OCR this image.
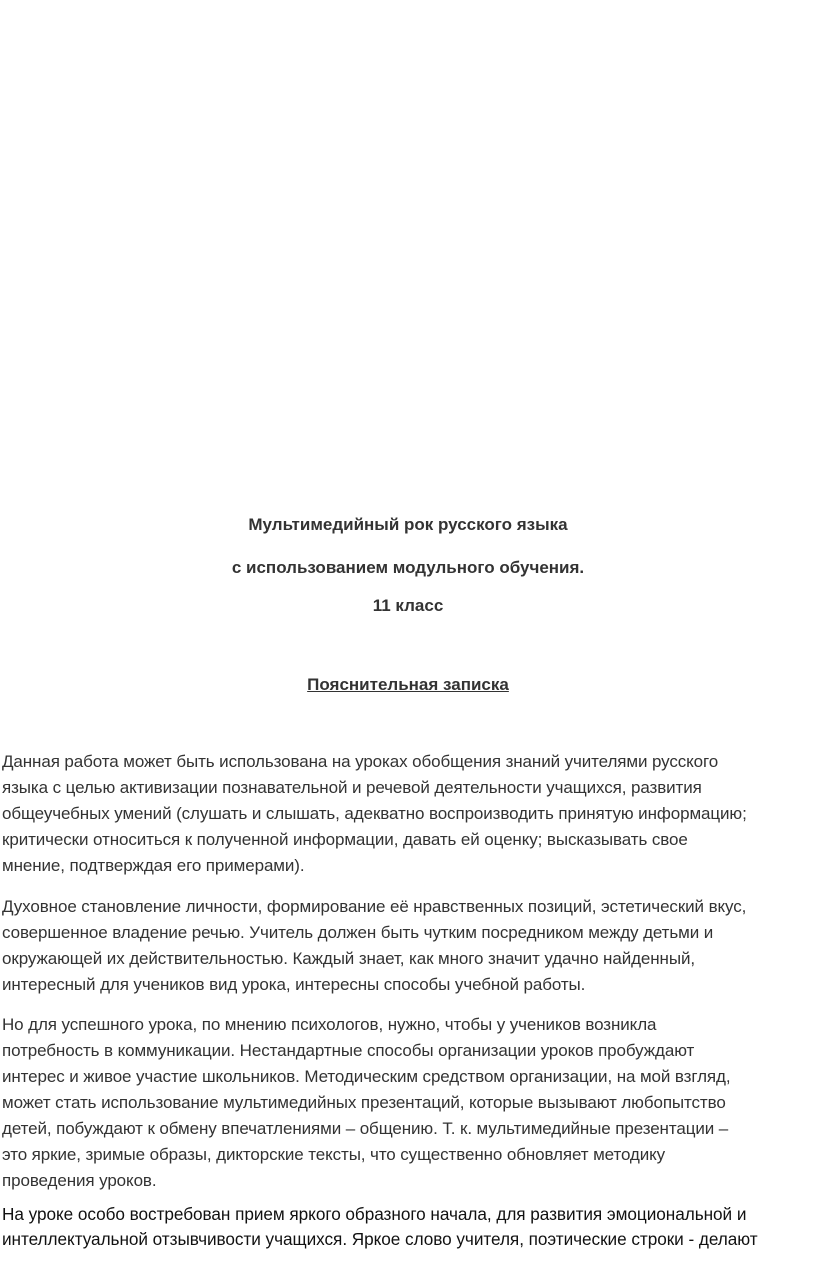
Мультимедийный рок русского языка
с использованием модульного обучения.
11 класс
Пояснительная записка

Данная работа может быть использована на уроках обобщения знаний учителями русского
языка с целью активизации познавательной и речевой деятельности учащихся, развития
общеучебных умений (слушать и слышать, адекватно воспроизводить принятую информацию;
критически относиться к полученной информации, давать ей оценку; высказывать свое
мнение, подтверждая его примерами).

Духовное становление личности, формирование её нравственных позиций, эстетический вкус,
совершенное владение речью. Учитель должен быть чутким посредником между детьми и
окружающей их действительностью. Каждый знает, как много значит удачно найденный,
интересный для учеников вид урока, интересны способы учебной работы.

Но для успешного урока, по мнению психологов, нужно, чтобы у учеников возникла
потребность в коммуникации. Нестандартные способы организации уроков пробуждают
интерес и живое участие школьников. Методическим средством организации, на мой взгляд,
может стать использование мультимедийных презентаций, которые вызывают любопытство
детей, побуждают к обмену впечатлениями – общению. Т. к. мультимедийные презентации –
это яркие, зримые образы, дикторские тексты, что существенно обновляет методику
проведения уроков.

На уроке особо востребован прием яркого образного начала, для развития эмоциональной и
интеллектуальной отзывчивости учащихся. Яркое слово учителя, поэтические строки - делают
